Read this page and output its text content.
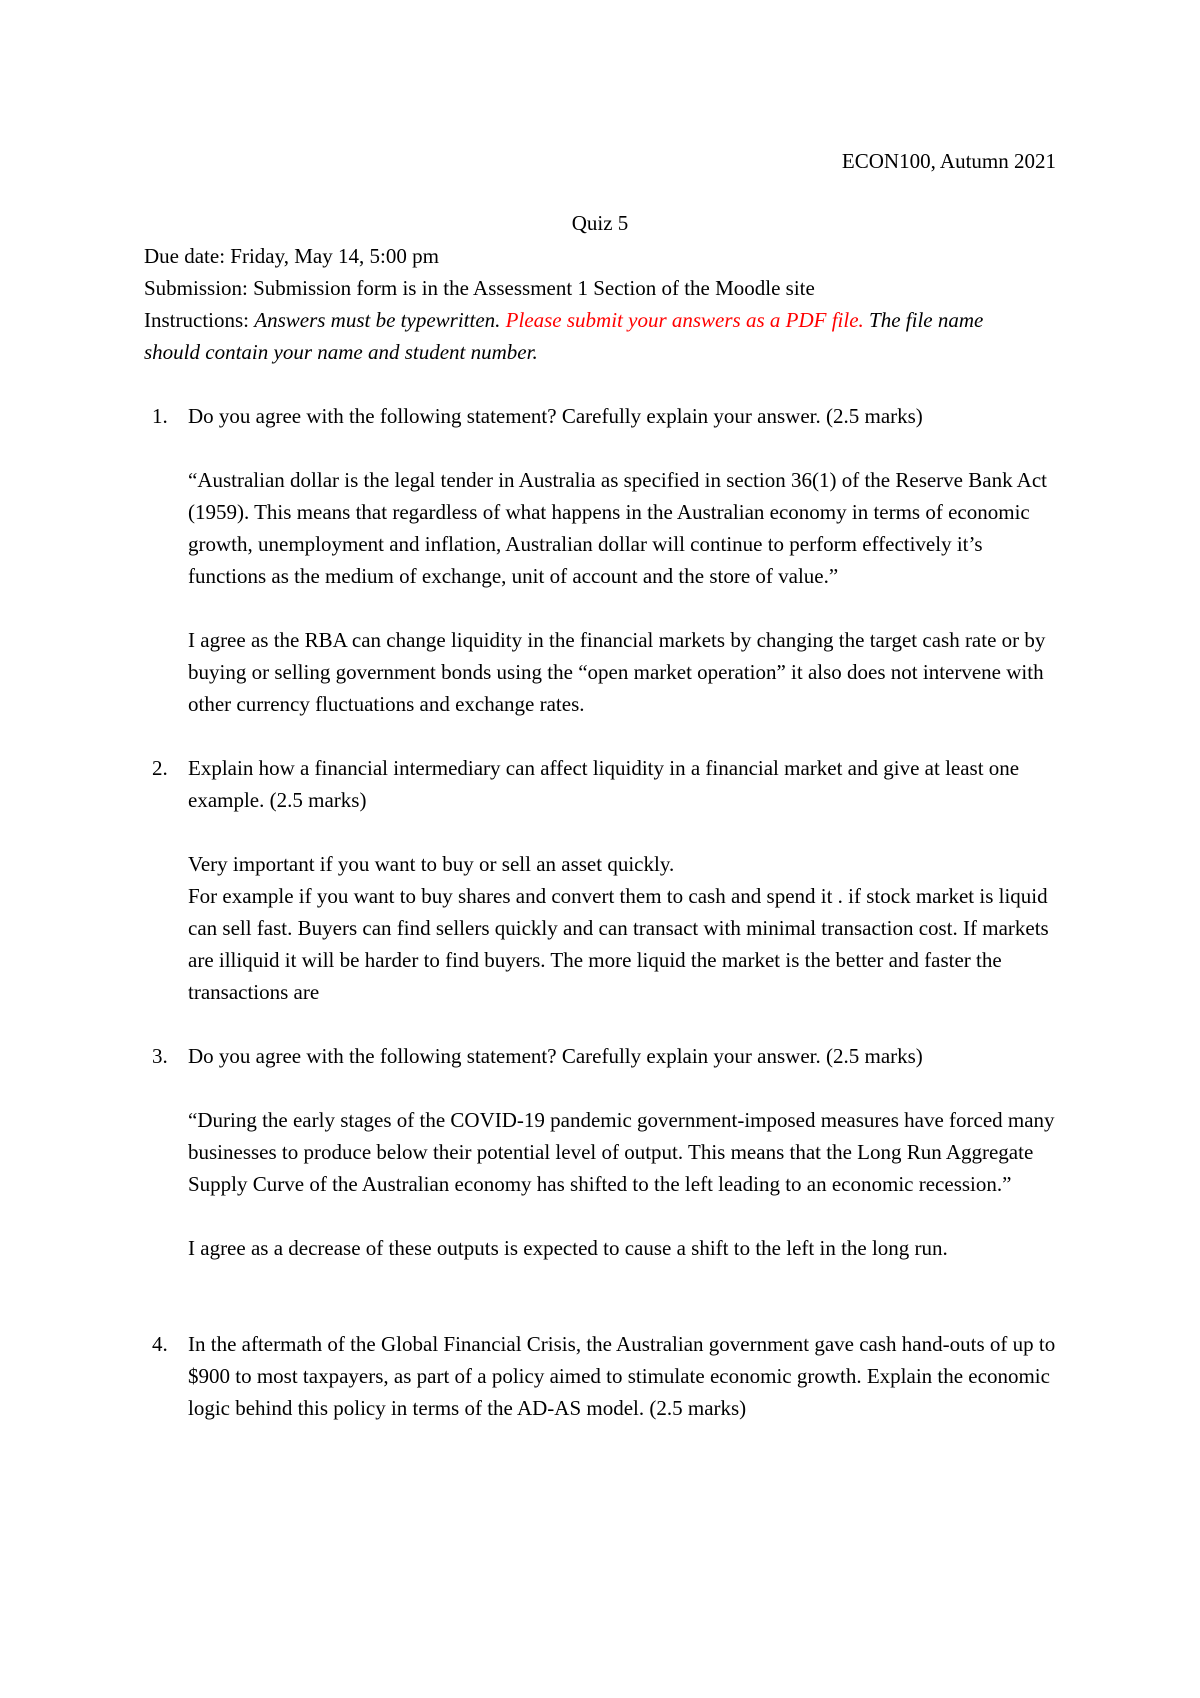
ECON100, Autumn 2021
Quiz 5

Due date: Friday, May 14, 5:00 pm

Submission: Submission form is in the Assessment 1 Section of the Moodle site

Instructions: Answers must be typewritten. Please submit your answers as a PDF file. The file name should contain your name and student number.

1. Do you agree with the following statement? Carefully explain your answer. (2.5 marks)

“Australian dollar is the legal tender in Australia as specified in section 36(1) of the Reserve Bank Act (1959). This means that regardless of what happens in the Australian economy in terms of economic growth, unemployment and inflation, Australian dollar will continue to perform effectively it’s functions as the medium of exchange, unit of account and the store of value.”

I agree as the RBA can change liquidity in the financial markets by changing the target cash rate or by buying or selling government bonds using the “open market operation” it also does not intervene with other currency fluctuations and exchange rates.

2. Explain how a financial intermediary can affect liquidity in a financial market and give at least one example. (2.5 marks)

Very important if you want to buy or sell an asset quickly.

For example if you want to buy shares and convert them to cash and spend it . if stock market is liquid can sell fast. Buyers can find sellers quickly and can transact with minimal transaction cost. If markets are illiquid it will be harder to find buyers. The more liquid the market is the better and faster the transactions are

3. Do you agree with the following statement? Carefully explain your answer. (2.5 marks)

“During the early stages of the COVID-19 pandemic government-imposed measures have forced many businesses to produce below their potential level of output. This means that the Long Run Aggregate Supply Curve of the Australian economy has shifted to the left leading to an economic recession.”

I agree as a decrease of these outputs is expected to cause a shift to the left in the long run.

4. In the aftermath of the Global Financial Crisis, the Australian government gave cash hand-outs of up to $900 to most taxpayers, as part of a policy aimed to stimulate economic growth. Explain the economic logic behind this policy in terms of the AD-AS model. (2.5 marks)
